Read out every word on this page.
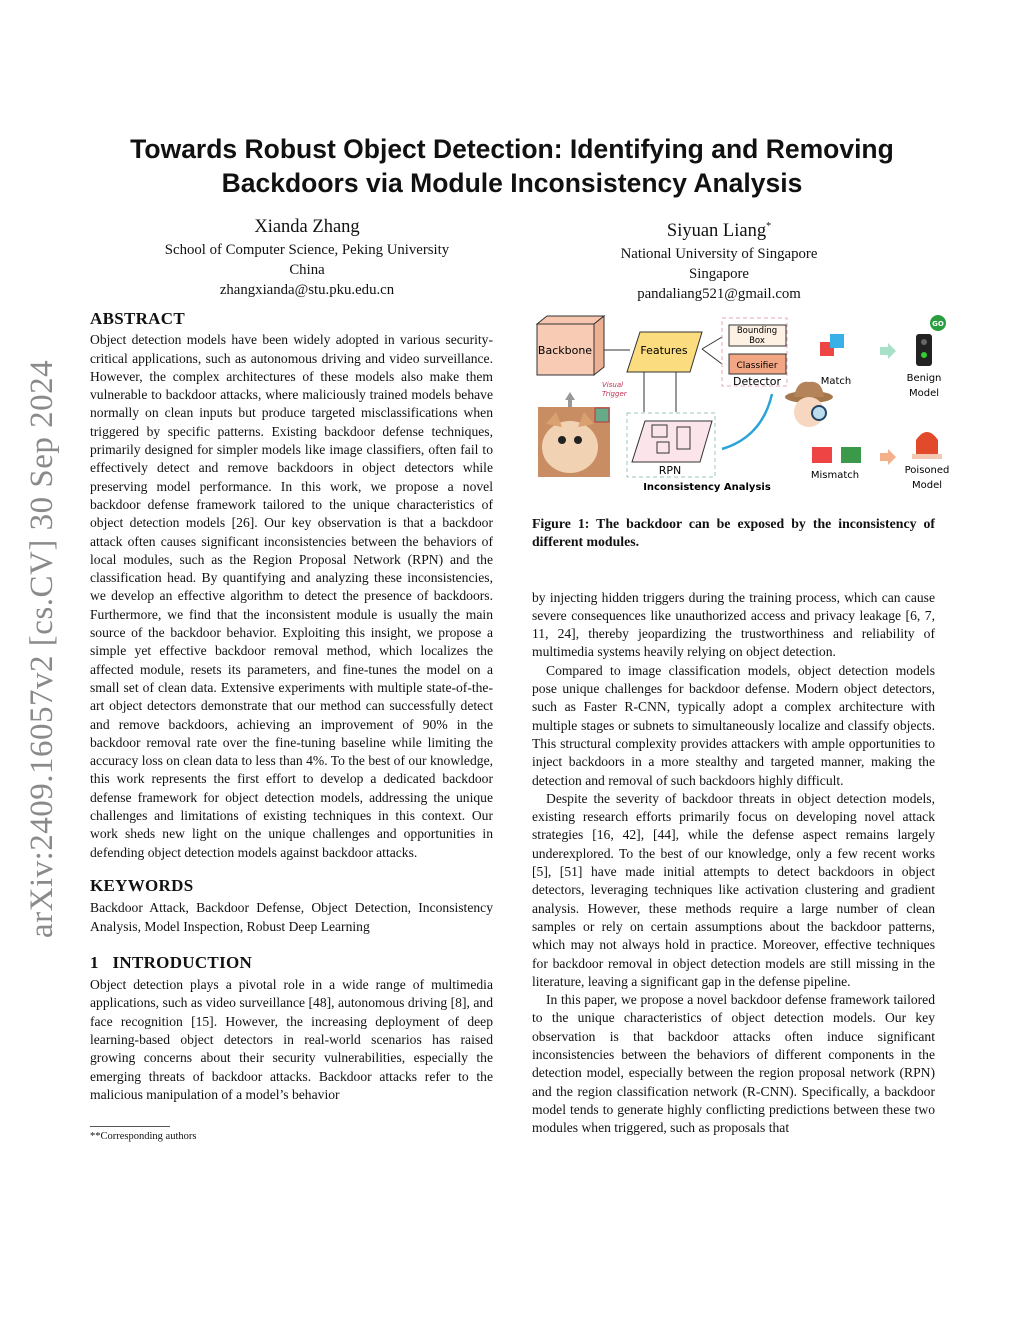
arXiv:2409.16057v2 [cs.CV] 30 Sep 2024
Towards Robust Object Detection: Identifying and Removing
Backdoors via Module Inconsistency Analysis
Xianda Zhang
School of Computer Science, Peking University
China
zhangxianda@stu.pku.edu.cn
Siyuan Liang*
National University of Singapore
Singapore
pandaliang521@gmail.com
ABSTRACT

Object detection models have been widely adopted in various security-critical applications, such as autonomous driving and video surveillance. However, the complex architectures of these models also make them vulnerable to backdoor attacks, where maliciously trained models behave normally on clean inputs but produce targeted misclassifications when triggered by specific patterns. Existing backdoor defense techniques, primarily designed for simpler models like image classifiers, often fail to effectively detect and remove backdoors in object detectors while preserving model performance. In this work, we propose a novel backdoor defense framework tailored to the unique characteristics of object detection models [26]. Our key observation is that a backdoor attack often causes significant inconsistencies between the behaviors of local modules, such as the Region Proposal Network (RPN) and the classification head. By quantifying and analyzing these inconsistencies, we develop an effective algorithm to detect the presence of backdoors. Furthermore, we find that the inconsistent module is usually the main source of the backdoor behavior. Exploiting this insight, we propose a simple yet effective backdoor removal method, which localizes the affected module, resets its parameters, and fine-tunes the model on a small set of clean data. Extensive experiments with multiple state-of-the-art object detectors demonstrate that our method can successfully detect and remove backdoors, achieving an improvement of 90% in the backdoor removal rate over the fine-tuning baseline while limiting the accuracy loss on clean data to less than 4%. To the best of our knowledge, this work represents the first effort to develop a dedicated backdoor defense framework for object detection models, addressing the unique challenges and limitations of existing techniques in this context. Our work sheds new light on the unique challenges and opportunities in defending object detection models against backdoor attacks.

KEYWORDS

Backdoor Attack, Backdoor Defense, Object Detection, Inconsistency Analysis, Model Inspection, Robust Deep Learning

1 INTRODUCTION

Object detection plays a pivotal role in a wide range of multimedia applications, such as video surveillance [48], autonomous driving [8], and face recognition [15]. However, the increasing deployment of deep learning-based object detectors in real-world scenarios has raised growing concerns about their security vulnerabilities, especially the emerging threats of backdoor attacks. Backdoor attacks refer to the malicious manipulation of a model’s behavior

**Corresponding authors
Backbone	Features
Bounding
Box
Classifier
Detector
Visual
Trigger
RPN
Inconsistency Analysis
Match
Mismatch
GO
Benign
Model
Poisoned
Model

Figure 1: The backdoor can be exposed by the inconsistency of different modules.

by injecting hidden triggers during the training process, which can cause severe consequences like unauthorized access and privacy leakage [6, 7, 11, 24], thereby jeopardizing the trustworthiness and reliability of multimedia systems heavily relying on object detection.

Compared to image classification models, object detection models pose unique challenges for backdoor defense. Modern object detectors, such as Faster R-CNN, typically adopt a complex architecture with multiple stages or subnets to simultaneously localize and classify objects. This structural complexity provides attackers with ample opportunities to inject backdoors in a more stealthy and targeted manner, making the detection and removal of such backdoors highly difficult.

Despite the severity of backdoor threats in object detection models, existing research efforts primarily focus on developing novel attack strategies [16, 42], [44], while the defense aspect remains largely underexplored. To the best of our knowledge, only a few recent works [5], [51] have made initial attempts to detect backdoors in object detectors, leveraging techniques like activation clustering and gradient analysis. However, these methods require a large number of clean samples or rely on certain assumptions about the backdoor patterns, which may not always hold in practice. Moreover, effective techniques for backdoor removal in object detection models are still missing in the literature, leaving a significant gap in the defense pipeline.

In this paper, we propose a novel backdoor defense framework tailored to the unique characteristics of object detection models. Our key observation is that backdoor attacks often induce significant inconsistencies between the behaviors of different components in the detection model, especially between the region proposal network (RPN) and the region classification network (R-CNN). Specifically, a backdoor model tends to generate highly conflicting predictions between these two modules when triggered, such as proposals that
